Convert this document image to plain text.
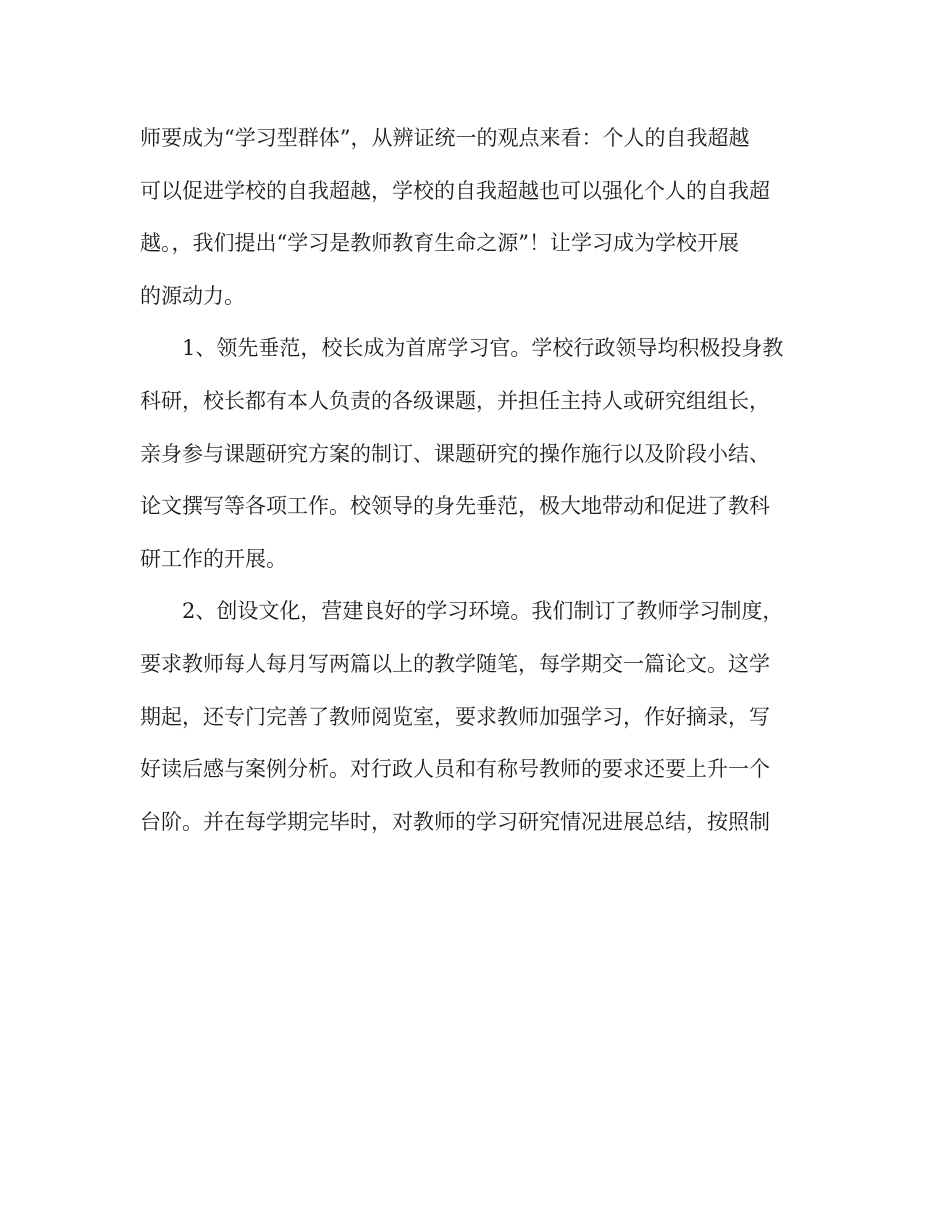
师要成为“学习型群体”，从辨证统一的观点来看：个人的自我超越
可以促进学校的自我超越，学校的自我超越也可以强化个人的自我超
越。，我们提出“学习是教师教育生命之源”！让学习成为学校开展
的源动力。
　　1、领先垂范，校长成为首席学习官。学校行政领导均积极投身教
科研，校长都有本人负责的各级课题，并担任主持人或研究组组长，
亲身参与课题研究方案的制订、课题研究的操作施行以及阶段小结、
论文撰写等各项工作。校领导的身先垂范，极大地带动和促进了教科
研工作的开展。
　　2、创设文化，营建良好的学习环境。我们制订了教师学习制度，
要求教师每人每月写两篇以上的教学随笔，每学期交一篇论文。这学
期起，还专门完善了教师阅览室，要求教师加强学习，作好摘录，写
好读后感与案例分析。对行政人员和有称号教师的要求还要上升一个
台阶。并在每学期完毕时，对教师的学习研究情况进展总结，按照制
